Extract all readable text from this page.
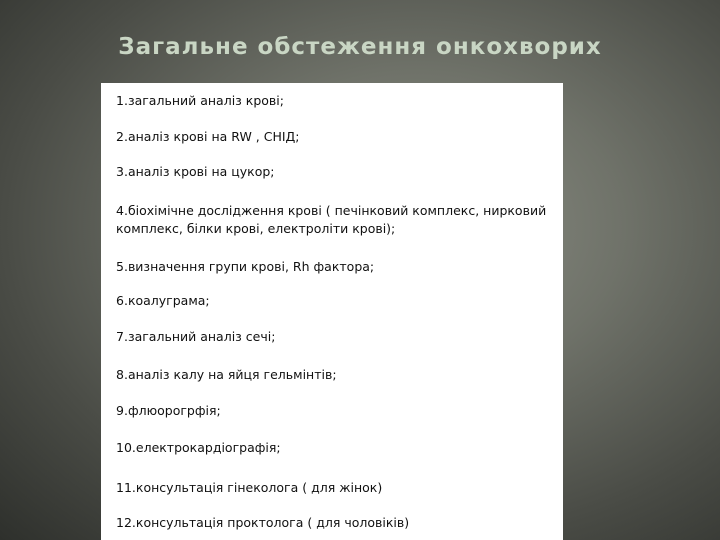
Загальне обстеження онкохворих
1.загальний аналіз крові;
2.аналіз крові на RW , СНІД;
3.аналіз крові на цукор;
4.біохімічне дослідження крові ( печінковий комплекс, нирковий
комплекс, білки крові, електроліти крові);
5.визначення групи крові, Rh фактора;
6.коалуграма;
7.загальний аналіз сечі;
8.аналіз калу на яйця гельмінтів;
9.флюорогрфія;
10.електрокардіографія;
11.консультація гінеколога ( для жінок)
12.консультація проктолога ( для чоловіків)
